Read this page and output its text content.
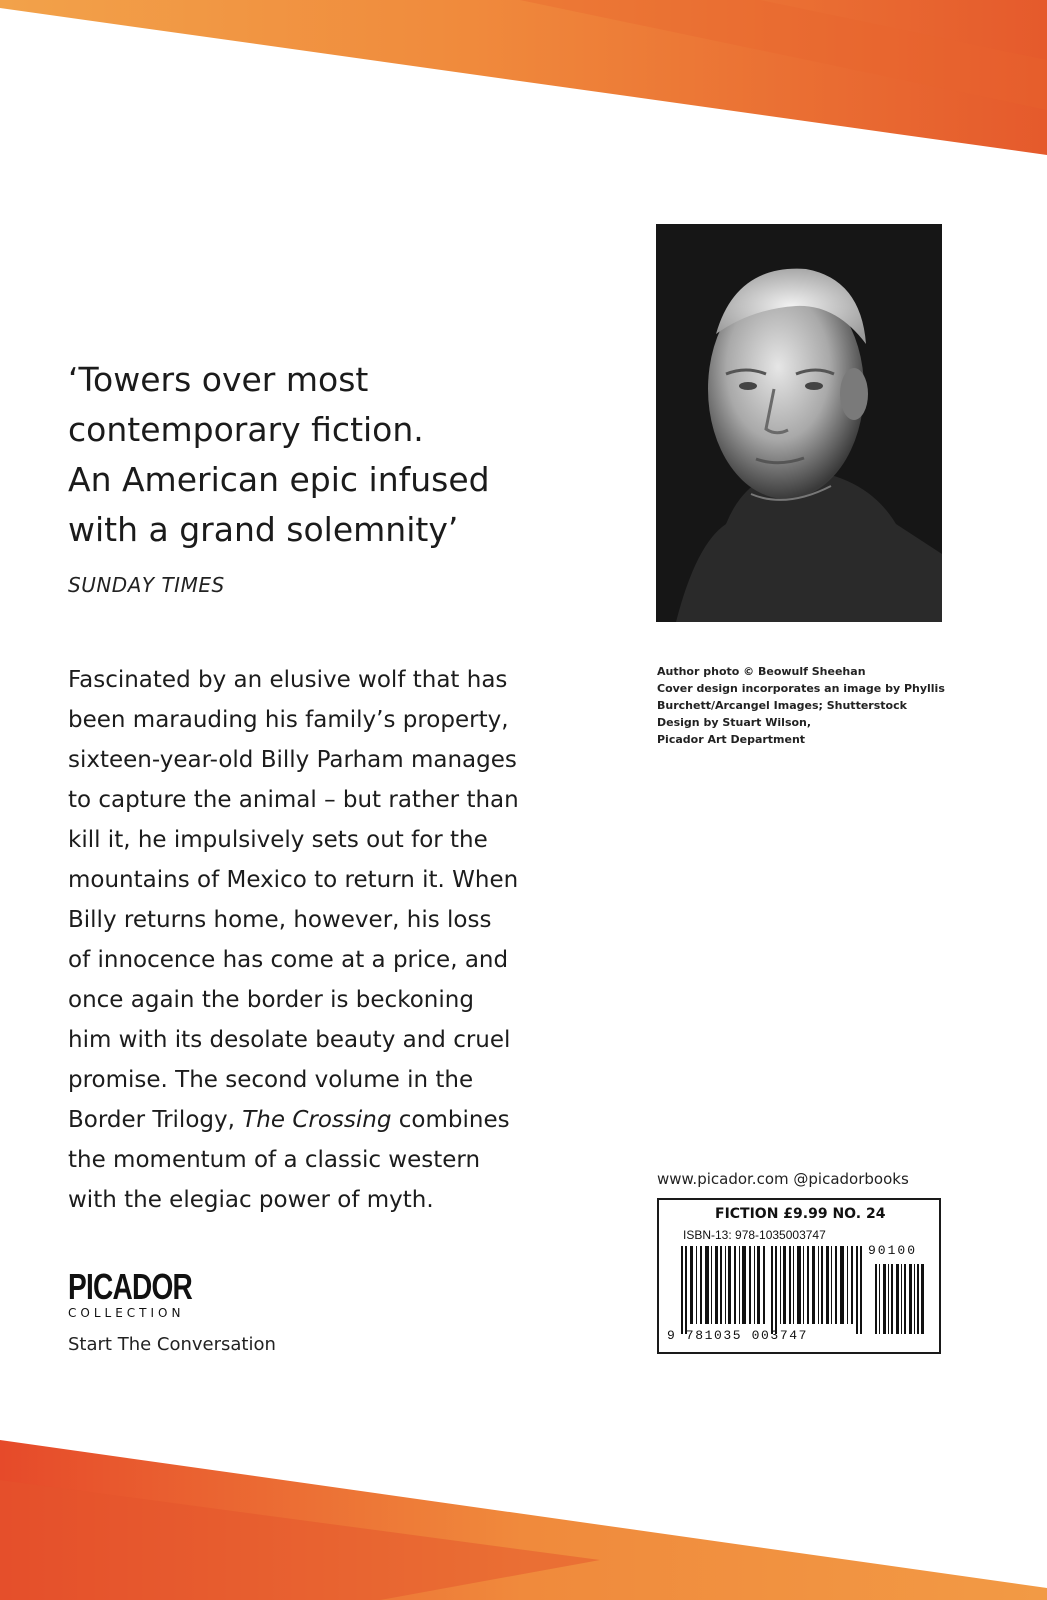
‘Towers over most
contemporary fiction.
An American epic infused
with a grand solemnity’
SUNDAY TIMES

Fascinated by an elusive wolf that has

been marauding his family’s property,

sixteen-year-old Billy Parham manages

to capture the animal – but rather than

kill it, he impulsively sets out for the

mountains of Mexico to return it. When

Billy returns home, however, his loss

of innocence has come at a price, and

once again the border is beckoning

him with its desolate beauty and cruel

promise. The second volume in the

Border Trilogy, The Crossing combines

the momentum of a classic western

with the elegiac power of myth.

Author photo © Beowulf Sheehan
Cover design incorporates an image by Phyllis
Burchett/Arcangel Images; Shutterstock
Design by Stuart Wilson,
Picador Art Department
www.picador.com @picadorbooks
FICTION £9.99 NO. 24
ISBN-13: 978-1035003747
90100
9 781035 003747
PICADOR
COLLECTION
Start The Conversation
